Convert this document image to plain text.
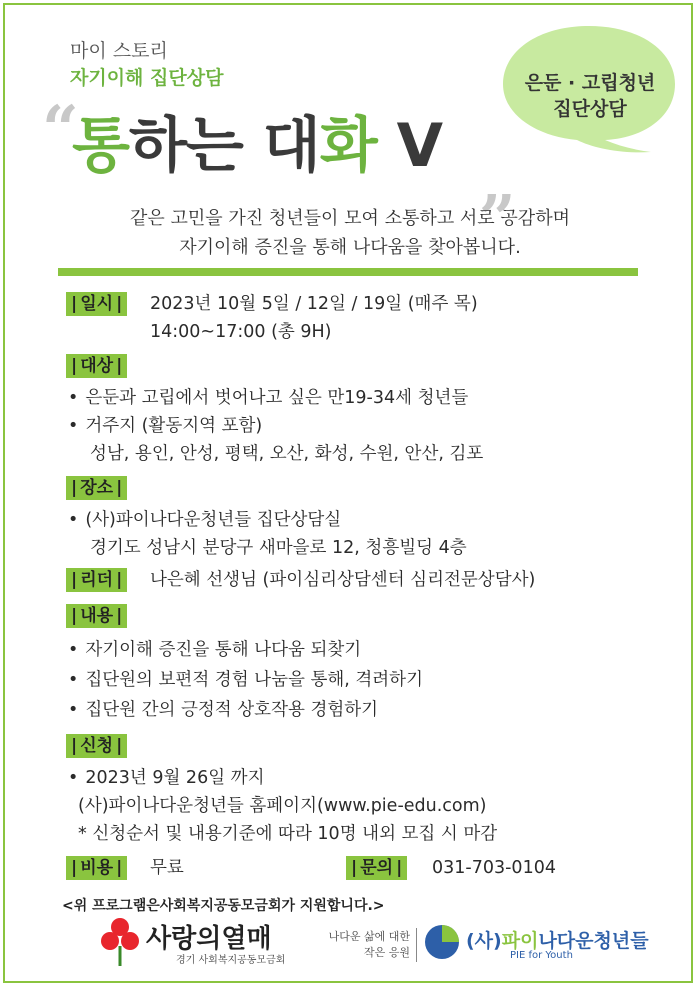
마이 스토리
자기이해 집단상담
“
통하는 대화 V „
은둔 · 고립청년
집단상담
같은 고민을 가진 청년들이 모여 소통하고 서로 공감하며
자기이해 증진을 통해 나다움을 찾아봅니다.
| 일시 |	2023년 10월 5일 / 12일 / 19일 (매주 목)
14:00~17:00 (총 9H)
| 대상 |
• 은둔과 고립에서 벗어나고 싶은 만19-34세 청년들
• 거주지 (활동지역 포함)
성남, 용인, 안성, 평택, 오산, 화성, 수원, 안산, 김포
| 장소 |
• (사)파이나다운청년들 집단상담실
경기도 성남시 분당구 새마을로 12, 청흥빌딩 4층
| 리더 |	나은혜 선생님 (파이심리상담센터 심리전문상담사)
| 내용 |
• 자기이해 증진을 통해 나다움 되찾기
• 집단원의 보편적 경험 나눔을 통해, 격려하기
• 집단원 간의 긍정적 상호작용 경험하기
| 신청 |
• 2023년 9월 26일 까지
(사)파이나다운청년들 홈페이지(www.pie-edu.com)
* 신청순서 및 내용기준에 따라 10명 내외 모집 시 마감
| 비용 |	무료
|	문의 |	031-703-0104
<위 프로그램은사회복지공동모금회가 지원합니다.>
사랑의열매
경기 사회복지공동모금회
나다운 삶에 대한
작은 응원
(사)파이나다운청년들
PIE for Youth
